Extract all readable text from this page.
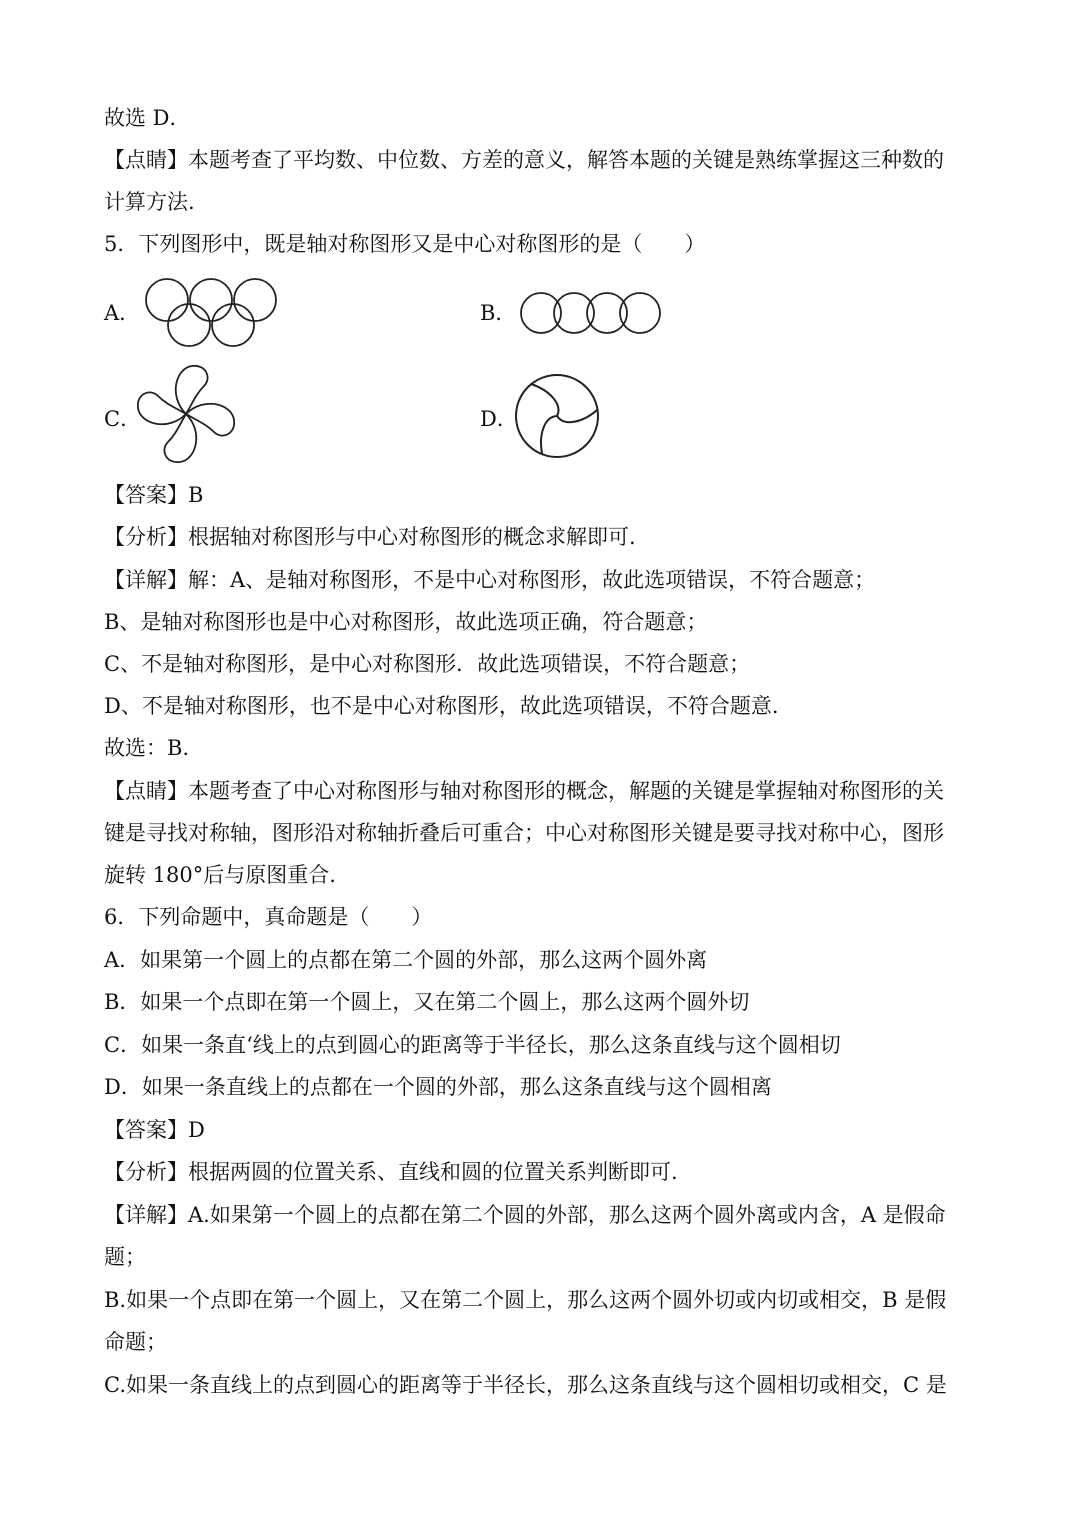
故选 D．
【点睛】本题考查了平均数、中位数、方差的意义，解答本题的关键是熟练掌握这三种数的
计算方法.
5．下列图形中，既是轴对称图形又是中心对称图形的是（　　）
A．	B．
C．	D．
【答案】B
【分析】根据轴对称图形与中心对称图形的概念求解即可.
【详解】解：A、是轴对称图形，不是中心对称图形，故此选项错误，不符合题意；
B、是轴对称图形也是中心对称图形，故此选项正确，符合题意；
C、不是轴对称图形，是中心对称图形．故此选项错误，不符合题意；
D、不是轴对称图形，也不是中心对称图形，故此选项错误，不符合题意.
故选：B.
【点睛】本题考查了中心对称图形与轴对称图形的概念，解题的关键是掌握轴对称图形的关
键是寻找对称轴，图形沿对称轴折叠后可重合；中心对称图形关键是要寻找对称中心，图形
旋转 180°后与原图重合.
6．下列命题中，真命题是（　　）
A．如果第一个圆上的点都在第二个圆的外部，那么这两个圆外离
B．如果一个点即在第一个圆上，又在第二个圆上，那么这两个圆外切
C．如果一条直‘线上的点到圆心的距离等于半径长，那么这条直线与这个圆相切
D．如果一条直线上的点都在一个圆的外部，那么这条直线与这个圆相离
【答案】D
【分析】根据两圆的位置关系、直线和圆的位置关系判断即可.
【详解】A.如果第一个圆上的点都在第二个圆的外部，那么这两个圆外离或内含，A 是假命
题；
B.如果一个点即在第一个圆上，又在第二个圆上，那么这两个圆外切或内切或相交，B 是假
命题；
C.如果一条直线上的点到圆心的距离等于半径长，那么这条直线与这个圆相切或相交，C 是
